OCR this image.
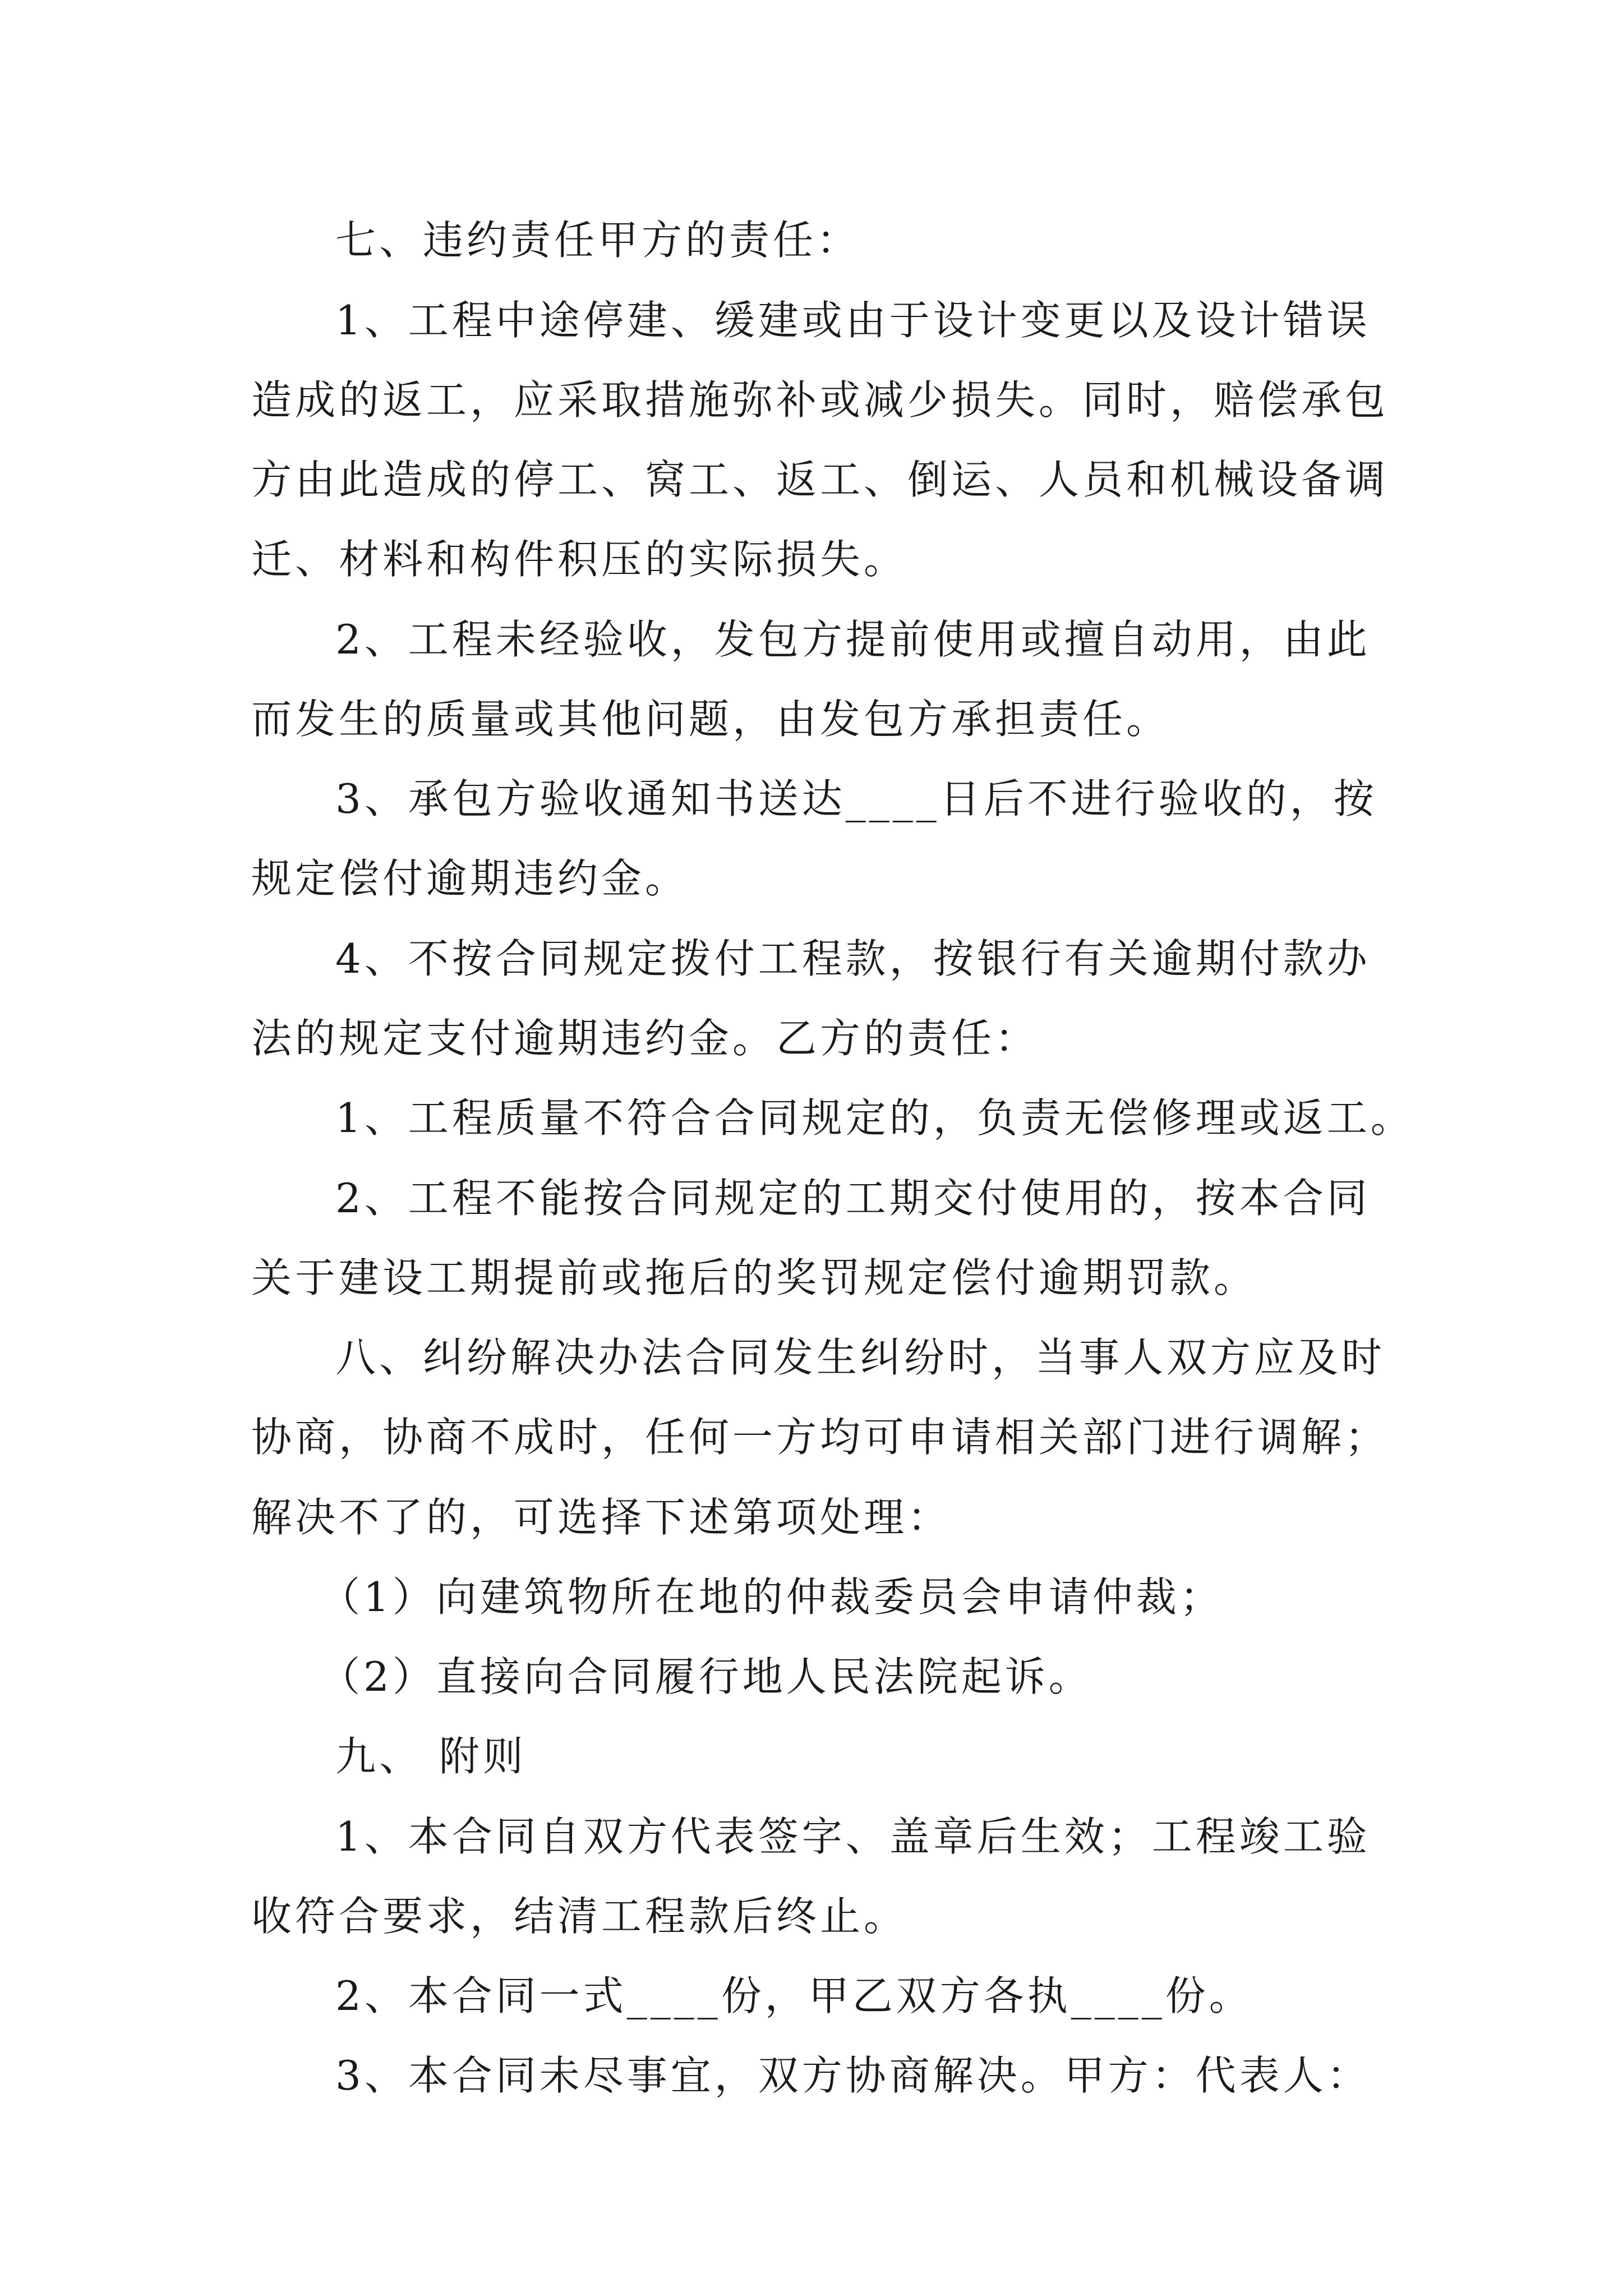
七、违约责任甲方的责任：
1、工程中途停建、缓建或由于设计变更以及设计错误
造成的返工，应采取措施弥补或减少损失。同时，赔偿承包
方由此造成的停工、窝工、返工、倒运、人员和机械设备调
迁、材料和构件积压的实际损失。
2、工程未经验收，发包方提前使用或擅自动用，由此
而发生的质量或其他问题，由发包方承担责任。
3、承包方验收通知书送达____日后不进行验收的，按
规定偿付逾期违约金。
4、不按合同规定拨付工程款，按银行有关逾期付款办
法的规定支付逾期违约金。乙方的责任：
1、工程质量不符合合同规定的，负责无偿修理或返工。
2、工程不能按合同规定的工期交付使用的，按本合同
关于建设工期提前或拖后的奖罚规定偿付逾期罚款。
八、纠纷解决办法合同发生纠纷时，当事人双方应及时
协商，协商不成时，任何一方均可申请相关部门进行调解；
解决不了的，可选择下述第项处理：
（1）向建筑物所在地的仲裁委员会申请仲裁；
（2）直接向合同履行地人民法院起诉。
九、 附则
1、本合同自双方代表签字、盖章后生效；工程竣工验
收符合要求，结清工程款后终止。
2、本合同一式____份，甲乙双方各执____份。
3、本合同未尽事宜，双方协商解决。甲方：代表人：
